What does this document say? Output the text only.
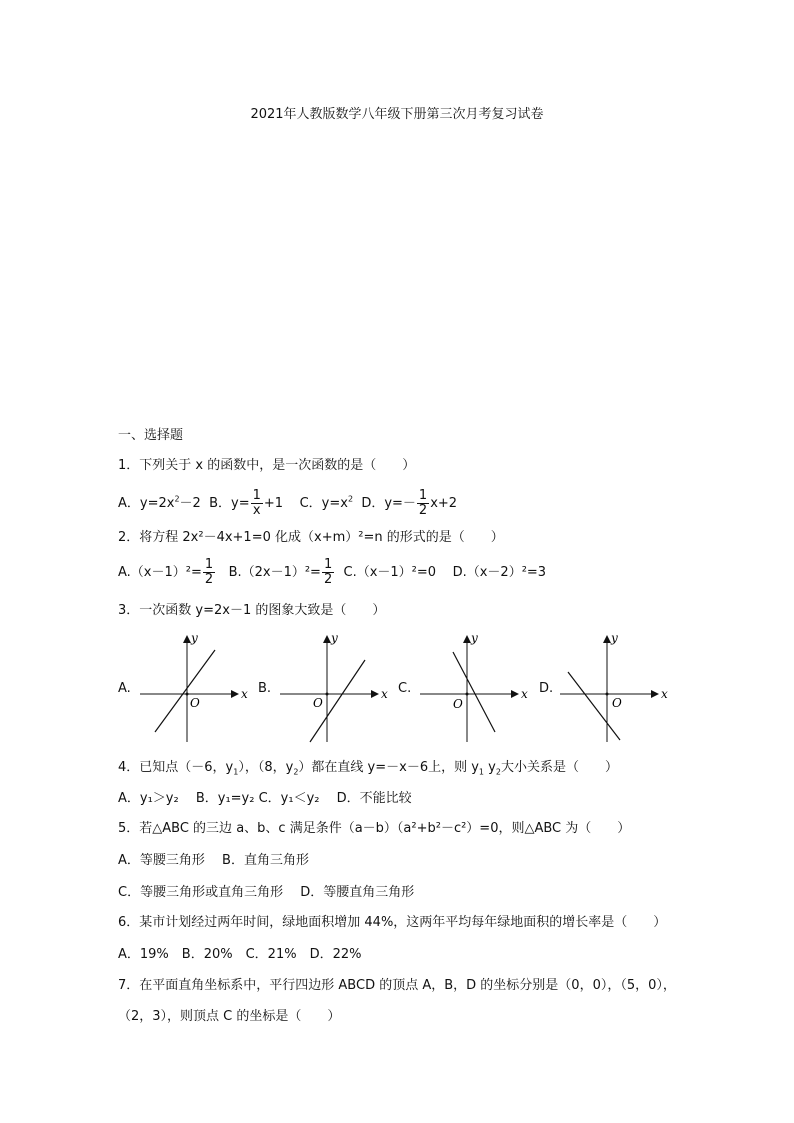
2021年人教版数学八年级下册第三次月考复习试卷
一、选择题
1．下列关于 x 的函数中，是一次函数的是（　　）
A．$y=2x^2-2$ B．$y= \frac{1}{x} +1$ C．$y=x^2$ D．$y=- \frac{1}{2} x+2$
2．将方程 2x²－4x+1=0 化成（x+m）²=n 的形式的是（　　）
$A.(x-1)^2= \frac{1}{2} B.(2x-1)^2= \frac{1}{2} C.(x-1)^2=0$ D.（x－2）²=3
3．一次函数 y=2x－1 的图象大致是（　　）
A.	x
y
O
B.	x
y
O
C.	x
y
O
D.	x
y
O
4．已知点（－6，$y_1$），（8，$y_2$）都在直线 y=－x－6上，则 $y_1$ $y_2$大小关系是（　　）
A．y₁＞y₂　 B．y₁=y₂ C．y₁＜y₂　 D．不能比较
5．若△ABC 的三边 a、b、c 满足条件（a－b）（a²+b²－c²）=0，则△ABC 为（　　）
A．等腰三角形　 B．直角三角形
C．等腰三角形或直角三角形　 D．等腰直角三角形
6．某市计划经过两年时间，绿地面积增加 44%，这两年平均每年绿地面积的增长率是（　　）
A．19%　B．20%　C．21%　D．22%
7．在平面直角坐标系中，平行四边形 ABCD 的顶点 A，B，D 的坐标分别是（0，0），（5，0），
（2，3），则顶点 C 的坐标是（　　）
